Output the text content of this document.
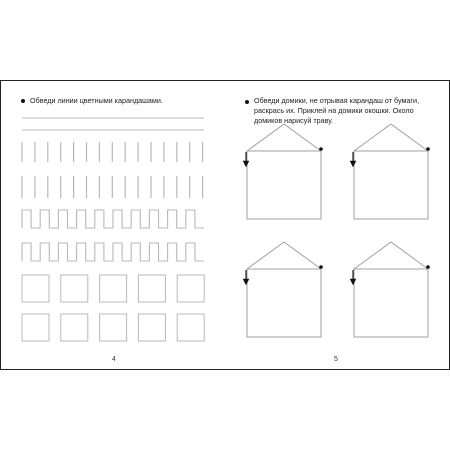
Обведи линии цветными карандашами.
4
Обведи домики, не отрывая карандаш от бумаги,
раскрась их. Приклей на домики окошки. Около
домиков нарисуй траву.
5
